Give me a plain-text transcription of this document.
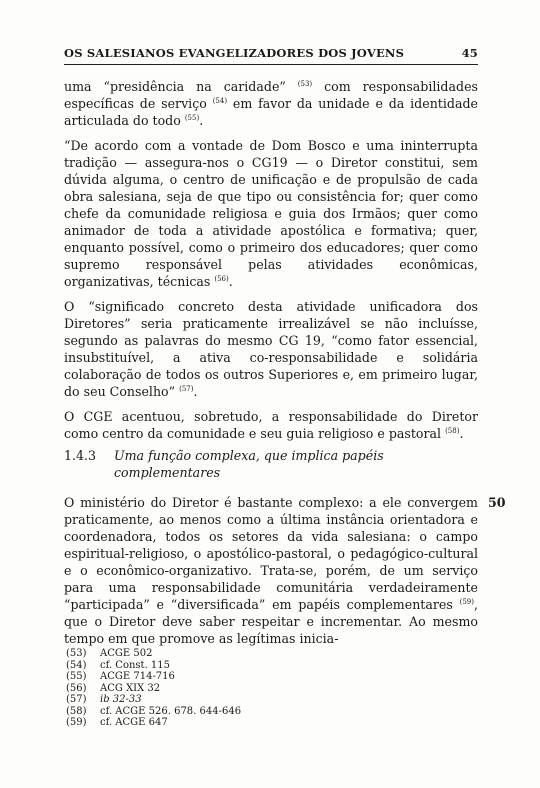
OS SALESIANOS EVANGELIZADORES DOS JOVENS	45

uma “presidência na caridade” $^{(53)}$ com responsabilidades específicas de serviço $^{(54)}$ em favor da unidade e da identidade articulada do todo $^{(55)}$.

“De acordo com a vontade de Dom Bosco e uma ininterrupta tradição — assegura-nos o CG19 — o Diretor constitui, sem dúvida alguma, o centro de unificação e de propulsão de cada obra salesiana, seja de que tipo ou consistência for; quer como chefe da comunidade religiosa e guia dos Irmãos; quer como animador de toda a atividade apostólica e formativa; quer, enquanto possível, como o primeiro dos educadores; quer como supremo responsável pelas atividades econômicas, organizativas, técnicas $^{(56)}$.

O “significado concreto desta atividade unificadora dos Diretores” seria praticamente irrealizável se não incluísse, segundo as palavras do mesmo CG 19, “como fator essencial, insubstituível, a ativa co-responsabilidade e solidária colaboração de todos os outros Superiores e, em primeiro lugar, do seu Conselho” $^{(57)}$.

O CGE acentuou, sobretudo, a responsabilidade do Diretor como centro da comunidade e seu guia religioso e pastoral $^{(58)}$.

1.4.3 Uma função complexa, que implica papéis
complementares
50
O ministério do Diretor é bastante complexo: a ele convergem praticamente, ao menos como a última instância orientadora e coordenadora, todos os setores da vida salesiana: o campo espiritual-religioso, o apostólico-pastoral, o pedagógico-cultural e o econômico-organizativo. Trata-se, porém, de um serviço para uma responsabilidade comunitária verdadeiramente “participada” e “diversificada” em papéis complementares $^{(59)}$, que o Diretor deve saber respeitar e incrementar. Ao mesmo tempo em que promove as legítimas inicia-
(53)	ACGE 502
(54)	cf. Const. 115
(55)	ACGE 714-716
(56)	ACG XIX 32
(57)	ib 32-33
(58)	cf. ACGE 526. 678. 644-646
(59)	cf. ACGE 647
